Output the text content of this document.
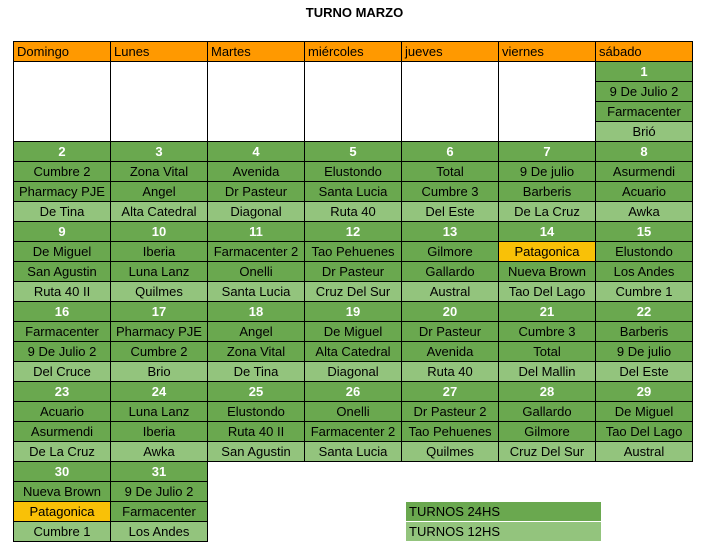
TURNO MARZO
Domingo	Lunes	Martes	miércoles	jueves	viernes	sábado
						1
						9 De Julio 2
						Farmacenter
						Brió
2	3	4	5	6	7	8
Cumbre 2	Zona Vital	Avenida	Elustondo	Total	9 De julio	Asurmendi
Pharmacy PJE	Angel	Dr Pasteur	Santa Lucia	Cumbre 3	Barberis	Acuario
De Tina	Alta Catedral	Diagonal	Ruta 40	Del Este	De La Cruz	Awka
9	10	11	12	13	14	15
De Miguel	Iberia	Farmacenter 2	Tao Pehuenes	Gilmore	Patagonica	Elustondo
San Agustin	Luna Lanz	Onelli	Dr Pasteur	Gallardo	Nueva Brown	Los Andes
Ruta 40 II	Quilmes	Santa Lucia	Cruz Del Sur	Austral	Tao Del Lago	Cumbre 1
16	17	18	19	20	21	22
Farmacenter	Pharmacy PJE	Angel	De Miguel	Dr Pasteur	Cumbre 3	Barberis
9 De Julio 2	Cumbre 2	Zona Vital	Alta Catedral	Avenida	Total	9 De julio
Del Cruce	Brio	De Tina	Diagonal	Ruta 40	Del Mallin	Del Este
23	24	25	26	27	28	29
Acuario	Luna Lanz	Elustondo	Onelli	Dr Pasteur 2	Gallardo	De Miguel
Asurmendi	Iberia	Ruta 40 II	Farmacenter 2	Tao Pehuenes	Gilmore	Tao Del Lago
De La Cruz	Awka	San Agustin	Santa Lucia	Quilmes	Cruz Del Sur	Austral
30	31					
Nueva Brown	9 De Julio 2					
Patagonica	Farmacenter					
Cumbre 1	Los Andes					
TURNOS 24HS
TURNOS 12HS
